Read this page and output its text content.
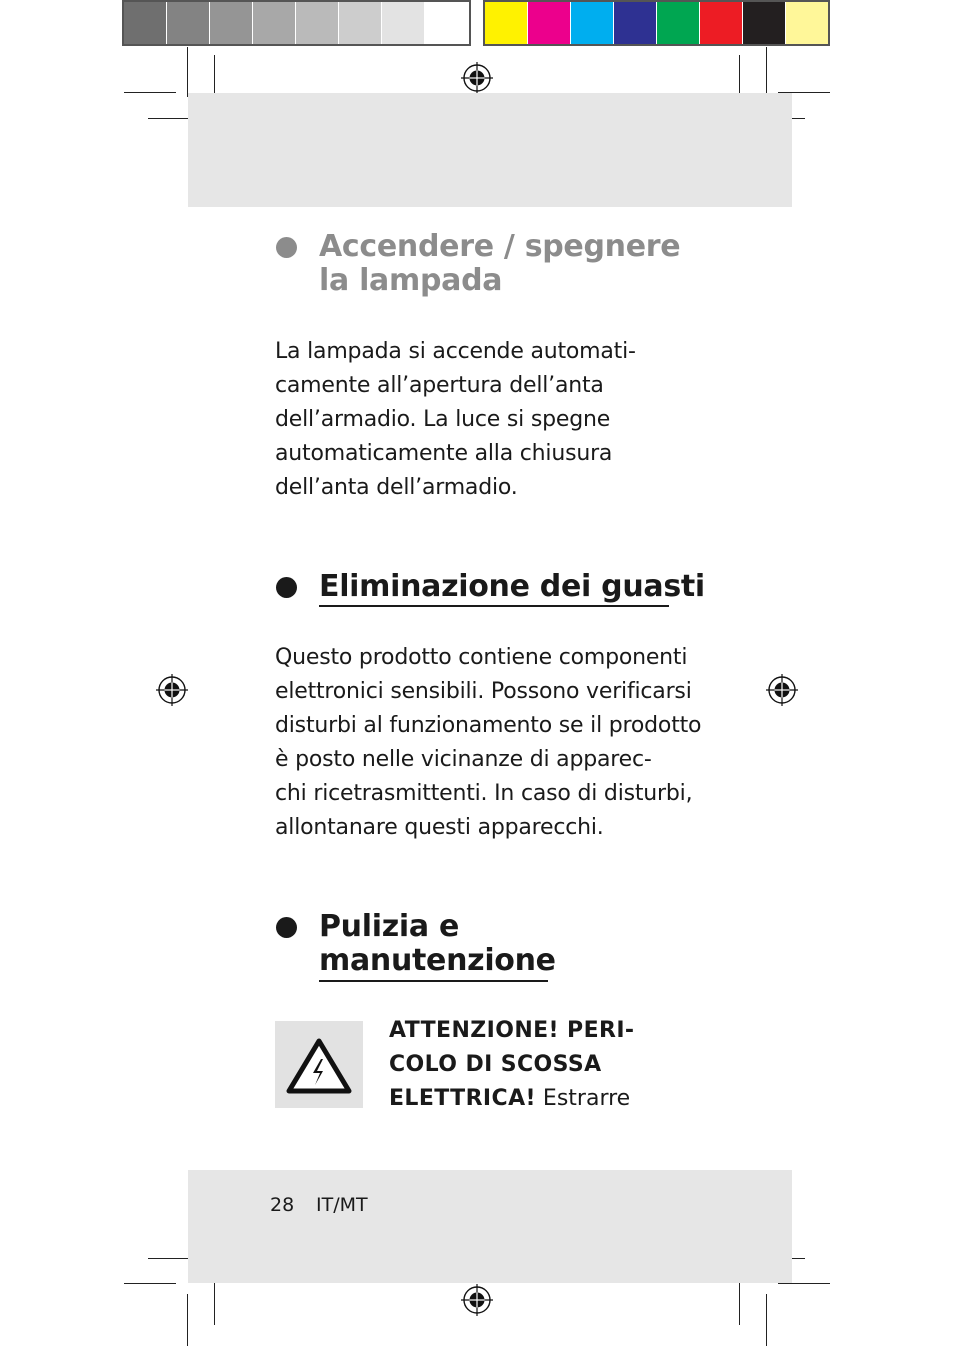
Accendere / spegnere
la lampada
La lampada si accende automati-
camente all’apertura dell’anta
dell’armadio. La luce si spegne
automaticamente alla chiusura
dell’anta dell’armadio.
Eliminazione dei guasti
Questo prodotto contiene componenti
elettronici sensibili. Possono verificarsi
disturbi al funzionamento se il prodotto
è posto nelle vicinanze di apparec-
chi ricetrasmittenti. In caso di disturbi,
allontanare questi apparecchi.
Pulizia e
manutenzione
ATTENZIONE! PERI-
COLO DI SCOSSA
ELETTRICA! Estrarre
28 IT/MT
